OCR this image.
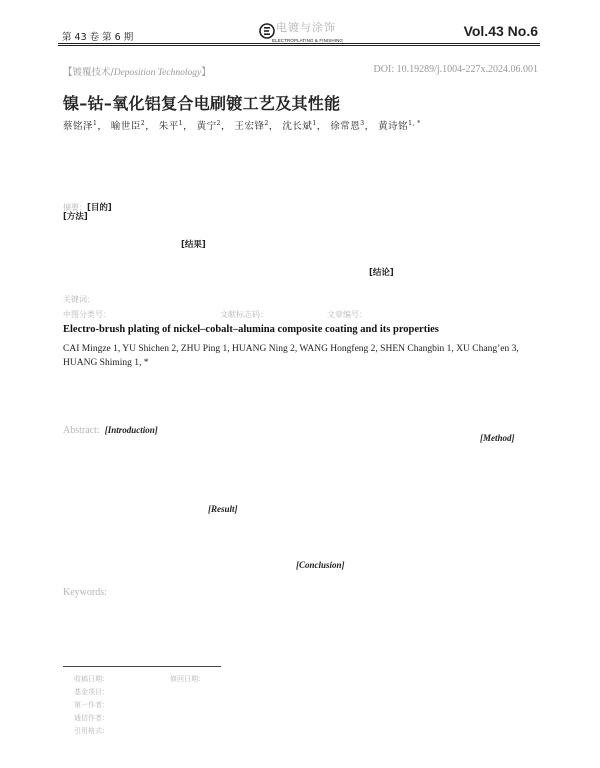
第 43 卷 第 6 期
电镀与涂饰
ELECTROPLATING & FINISHING
Vol.43 No.6
【镀覆技术/Deposition Technology】	DOI: 10.19289/j.1004-227x.2024.06.001
镍–钴–氧化铝复合电刷镀工艺及其性能
蔡铭泽$^1$， 喻世臣$^2$， 朱平$^1$， 黄宁$^2$， 王宏锋$^2$， 沈长斌$^1$， 徐常恩$^3$， 黄诗铭$^{1, *}$
摘要：[目的]
[方法]
[结果]
[结论]
关键词：
中图分类号：	文献标志码：	文章编号：
Electro-brush plating of nickel–cobalt–alumina composite coating and its properties
CAI Mingze 1, YU Shichen 2, ZHU Ping 1, HUANG Ning 2, WANG Hongfeng 2, SHEN Changbin 1, XU Chang’en 3,
HUANG Shiming 1, *
Abstract: [Introduction]
[Method]
[Result]
[Conclusion]
Keywords:
收稿日期：	修回日期：
基金项目：
第一作者：
通信作者：
引用格式：
